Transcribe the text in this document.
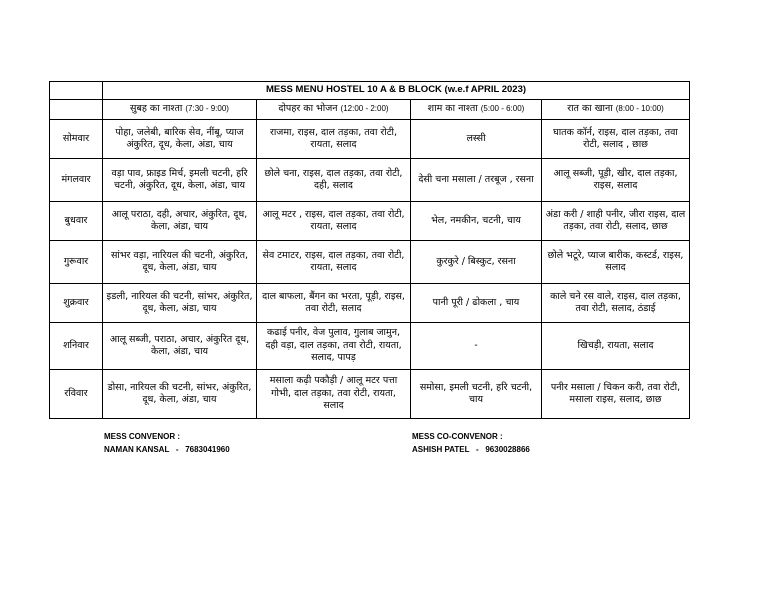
	MESS MENU HOSTEL 10 A & B BLOCK (w.e.f APRIL 2023)			
	सुबह का नाश्ता (7:30 - 9:00)	दोपहर का भोजन (12:00 - 2:00)	शाम का नाश्ता (5:00 - 6:00)	रात का खाना (8:00 - 10:00)
सोमवार	पोहा, जलेबी, बारिक सेव, नींबू, प्याज अंकुरित, दूध, केला, अंडा, चाय	राजमा, राइस, दाल तड़का, तवा रोटी, रायता, सलाद	लस्सी	घातक कॉर्न, राइस, दाल तड़का, तवा रोटी, सलाद , छाछ
मंगलवार	वड़ा पाव, फ्राइड मिर्च, इमली चटनी, हरि चटनी, अंकुरित, दूध, केला, अंडा, चाय	छोले चना, राइस, दाल तड़का, तवा रोटी, दही, सलाद	देसी चना मसाला / तरबूज , रसना	आलू सब्जी, पूड़ी, खीर, दाल तड़का, राइस, सलाद
बुधवार	आलू पराठा, दही, अचार, अंकुरित, दूध, केला, अंडा, चाय	आलू मटर , राइस, दाल तड़का, तवा रोटी, रायता, सलाद	भेल, नमकीन, चटनी, चाय	अंडा करी / शाही पनीर, जीरा राइस, दाल तड़का, तवा रोटी, सलाद, छाछ
गुरूवार	सांभर वड़ा, नारियल की चटनी, अंकुरित, दूध, केला, अंडा, चाय	सेव टमाटर, राइस, दाल तड़का, तवा रोटी, रायता, सलाद	कुरकुरे / बिस्कुट, रसना	छोले भटूरे, प्याज बारीक, कस्टर्ड, राइस, सलाद
शुक्रवार	इडली, नारियल की चटनी, सांभर, अंकुरित, दूध, केला, अंडा, चाय	दाल बाफला, बैंगन का भरता, पूड़ी, राइस, तवा रोटी, सलाद	पानी पूरी / ढोकला , चाय	काले चने रस वाले, राइस, दाल तड़का, तवा रोटी, सलाद, ठंडाई
शनिवार	आलू सब्जी, पराठा, अचार, अंकुरित दूध, केला, अंडा, चाय	कढाई पनीर, वेज पुलाव, गुलाब जामुन, दही वड़ा, दाल तड़का, तवा रोटी, रायता, सलाद, पापड़	-	खिचड़ी, रायता, सलाद
रविवार	डोसा, नारियल की चटनी, सांभर, अंकुरित, दूध, केला, अंडा, चाय	मसाला कढ़ी पकौड़ी / आलू मटर पत्ता गोभी, दाल तड़का, तवा रोटी, रायता, सलाद	समोसा, इमली चटनी, हरि चटनी, चाय	पनीर मसाला / चिकन करी, तवा रोटी, मसाला राइस, सलाद, छाछ
MESS CONVENOR :
NAMAN KANSAL - 7683041960
MESS CO-CONVENOR :
ASHISH PATEL - 9630028866
